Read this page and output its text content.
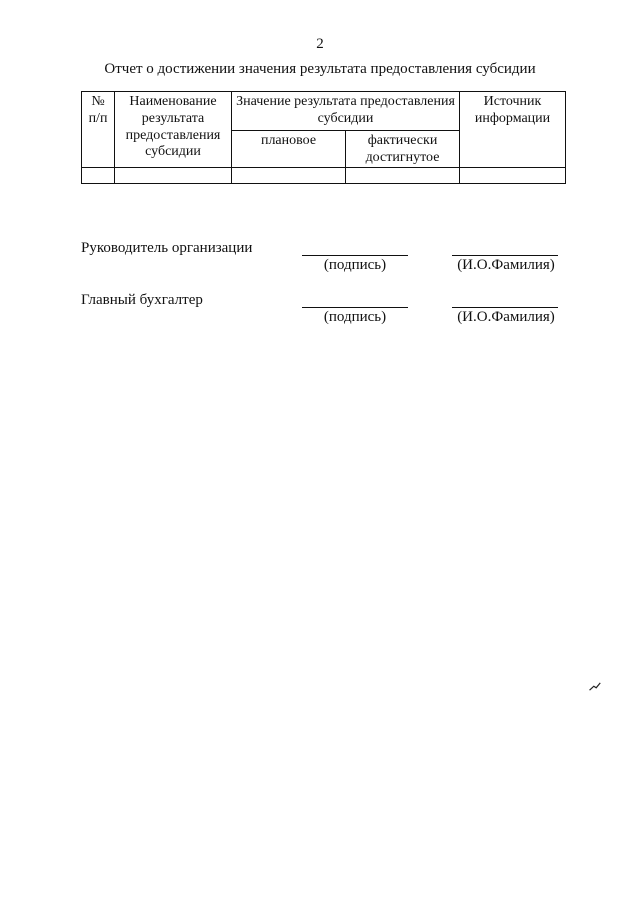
2
Отчет о достижении значения результата предоставления субсидии
№ п/п	Наименование результата предоставления субсидии	Значение результата предоставления субсидии		Источник информации
		плановое	фактически достигнутое	

Руководитель организации
(подпись)	(И.О.Фамилия)
Главный бухгалтер
(подпись)	(И.О.Фамилия)
